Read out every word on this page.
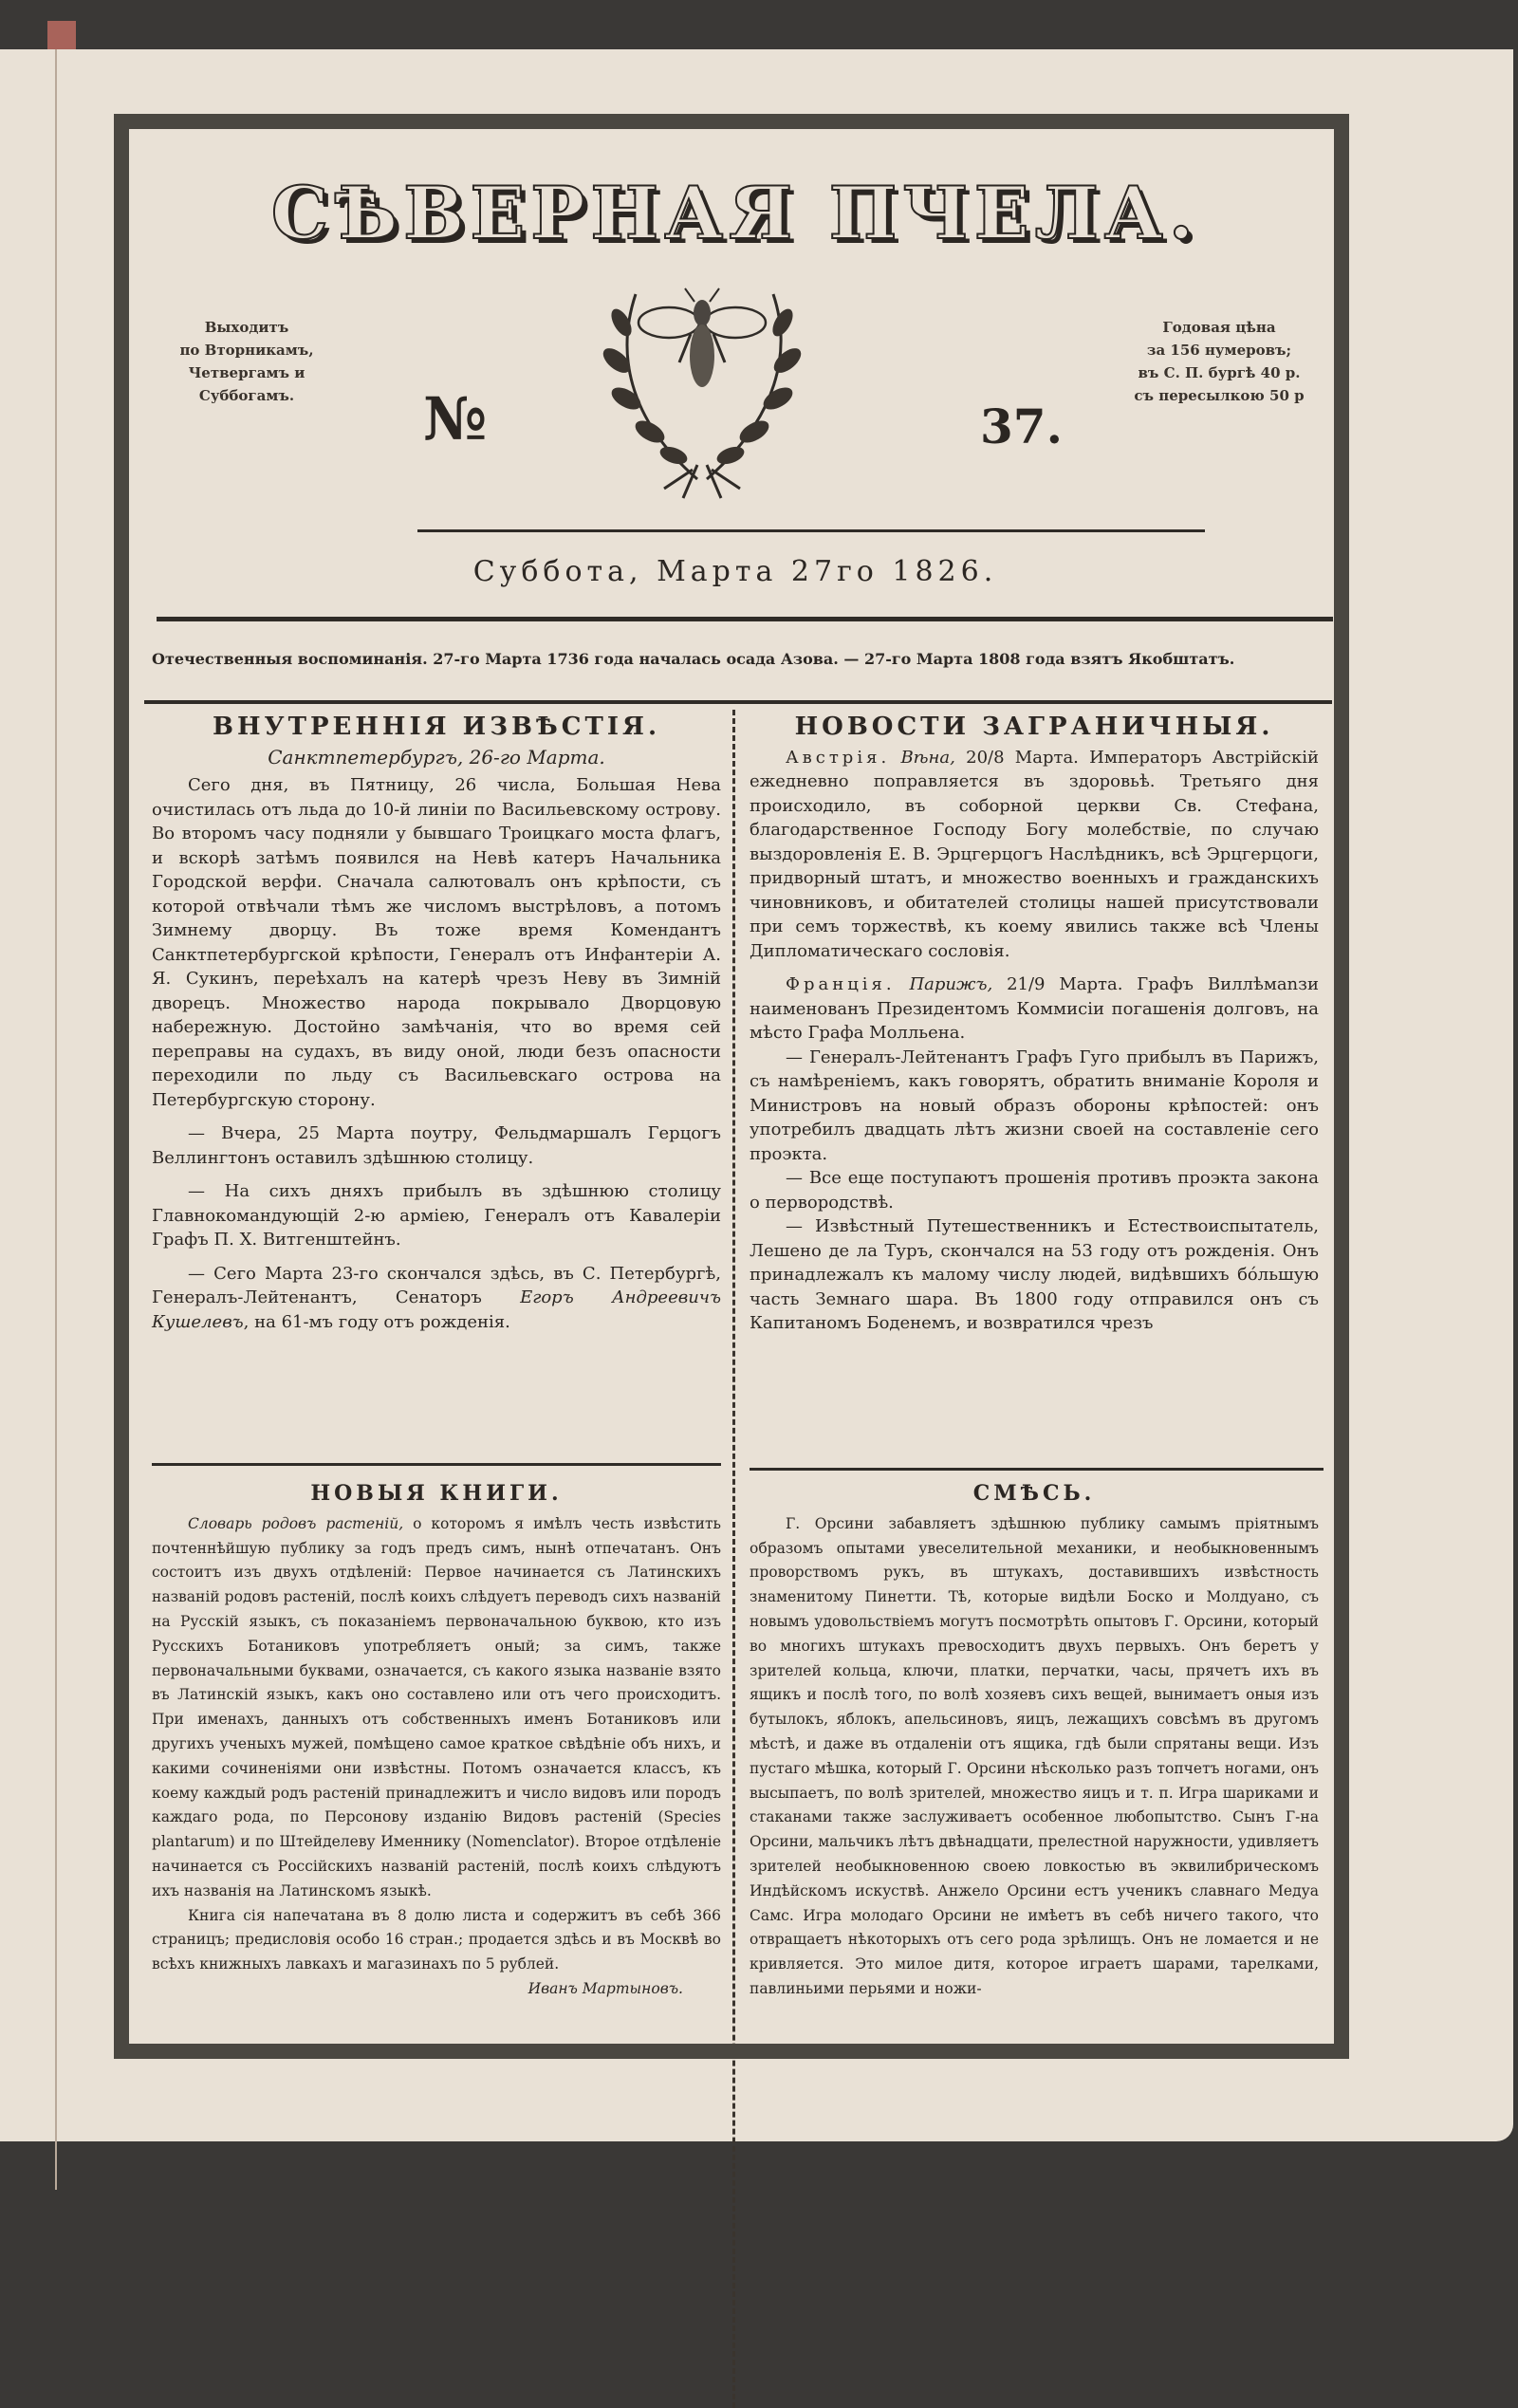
СѢВЕРНАЯ ПЧЕЛА.
Выходитъ
по Вторникамъ,
Четвергамъ и
Суббогамъ.
Годовая цѣна
за 156 нумеровъ;
въ С. П. бургѣ 40 р.
съ пересылкою 50 р
№	37.
Суббота, Марта 27го 1826.
Отечественныя воспоминанія. 27-го Марта 1736 года началась осада Азова. — 27-го Марта 1808 года взятъ Якобштатъ.
ВНУТРЕННІЯ ИЗВѢСТІЯ.
Санктпетербургъ, 26-го Марта.

Сего дня, въ Пятницу, 26 числа, Большая Нева очистилась отъ льда до 10-й линіи по Васильевскому острову. Во второмъ часу подняли у бывшаго Троицкаго моста флагъ, и вскорѣ затѣмъ появился на Невѣ катеръ Начальника Городской верфи. Сначала салютовалъ онъ крѣпости, съ которой отвѣчали тѣмъ же числомъ выстрѣловъ, а потомъ Зимнему дворцу. Въ тоже время Комендантъ Санктпетербургской крѣпости, Генералъ отъ Инфантеріи А. Я. Сукинъ, переѣхалъ на катерѣ чрезъ Неву въ Зимній дворецъ. Множество народа покрывало Дворцовую набережную. Достойно замѣчанія, что во время сей переправы на судахъ, въ виду оной, люди безъ опасности переходили по льду съ Васильевскаго острова на Петербургскую сторону.

— Вчера, 25 Марта поутру, Фельдмаршалъ Герцогъ Веллингтонъ оставилъ здѣшнюю столицу.

— На сихъ дняхъ прибылъ въ здѣшнюю столицу Главнокомандующій 2-ю арміею, Генералъ отъ Кавалеріи Графъ П. Х. Витгенштейнъ.

— Сего Марта 23-го скончался здѣсь, въ С. Петербургѣ, Генералъ-Лейтенантъ, Сенаторъ Егоръ Андреевичъ Кушелевъ, на 61-мъ году отъ рожденія.

НОВОСТИ ЗАГРАНИЧНЫЯ.

Австрія. Вѣна, 20/8 Марта. Императоръ Австрійскій ежедневно поправляется въ здоровьѣ. Третьяго дня происходило, въ соборной церкви Св. Стефана, благодарственное Господу Богу молебствіе, по случаю выздоровленія Е. В. Эрцгерцогъ Наслѣдникъ, всѣ Эрцгерцоги, придворный штатъ, и множество военныхъ и гражданскихъ чиновниковъ, и обитателей столицы нашей присутствовали при семъ торжествѣ, къ коему явились также всѣ Члены Дипломатическаго сословія.

Франція. Парижъ, 21/9 Марта. Графъ Виллѣмanзи наименованъ Президентомъ Коммисіи погашенія долговъ, на мѣсто Графа Молльена.

— Генералъ-Лейтенантъ Графъ Гуго прибылъ въ Парижъ, съ намѣреніемъ, какъ говорятъ, обратить вниманіе Короля и Министровъ на новый образъ обороны крѣпостей: онъ употребилъ двадцать лѣтъ жизни своей на составленіе сего проэкта.

— Все еще поступаютъ прошенія противъ проэкта закона о первородствѣ.

— Извѣстный Путешественникъ и Естествоиспытатель, Лешено де ла Туръ, скончался на 53 году отъ рожденія. Онъ принадлежалъ къ малому числу людей, видѣвшихъ бо́льшую часть Земнаго шара. Въ 1800 году отправился онъ съ Капитаномъ Боденемъ, и возвратился чрезъ

НОВЫЯ КНИГИ.

Словарь родовъ растеній, о которомъ я имѣлъ честь извѣстить почтеннѣйшую публику за годъ предъ симъ, нынѣ отпечатанъ. Онъ состоитъ изъ двухъ отдѣленій: Первое начинается съ Латинскихъ названій родовъ растеній, послѣ коихъ слѣдуетъ переводъ сихъ названій на Русскій языкъ, съ показаніемъ первоначальною буквою, кто изъ Русскихъ Ботаниковъ употребляетъ оный; за симъ, также первоначальными буквами, означается, съ какого языка названіе взято въ Латинскій языкъ, какъ оно составлено или отъ чего происходитъ. При именахъ, данныхъ отъ собственныхъ именъ Ботаниковъ или другихъ ученыхъ мужей, помѣщено самое краткое свѣдѣніе объ нихъ, и какими сочиненіями они извѣстны. Потомъ означается классъ, къ коему каждый родъ растеній принадлежитъ и число видовъ или породъ каждаго рода, по Персонову изданію Видовъ растеній (Species plantarum) и по Штейделеву Именнику (Nomenclator). Второе отдѣленіе начинается съ Россійскихъ названій растеній, послѣ коихъ слѣдуютъ ихъ названія на Латинскомъ языкѣ.

Книга сія напечатана въ 8 долю листа и содержитъ въ себѣ 366 страницъ; предисловія особо 16 стран.; продается здѣсь и въ Москвѣ во всѣхъ книжныхъ лавкахъ и магазинахъ по 5 рублей.

Иванъ Мартыновъ.
СМѢСЬ.

Г. Орсини забавляетъ здѣшнюю публику самымъ пріятнымъ образомъ опытами увеселительной механики, и необыкновеннымъ проворствомъ рукъ, въ штукахъ, доставившихъ извѣстность знаменитому Пинетти. Тѣ, которые видѣли Боско и Молдуано, съ новымъ удовольствіемъ могутъ посмотрѣть опытовъ Г. Орсини, который во многихъ штукахъ превосходитъ двухъ первыхъ. Онъ беретъ у зрителей кольца, ключи, платки, перчатки, часы, прячетъ ихъ въ ящикъ и послѣ того, по волѣ хозяевъ сихъ вещей, вынимаетъ оныя изъ бутылокъ, яблокъ, апельсиновъ, яицъ, лежащихъ совсѣмъ въ другомъ мѣстѣ, и даже въ отдаленіи отъ ящика, гдѣ были спрятаны вещи. Изъ пустаго мѣшка, который Г. Орсини нѣсколько разъ топчетъ ногами, онъ высыпаетъ, по волѣ зрителей, множество яицъ и т. п. Игра шариками и стаканами также заслуживаетъ особенное любопытство. Сынъ Г-на Орсини, мальчикъ лѣтъ двѣнадцати, прелестной наружности, удивляетъ зрителей необыкновенною своею ловкостью въ эквилибрическомъ Индѣйскомъ искуствѣ. Анжело Орсини естъ ученикъ славнаго Медуа Самс. Игра молодаго Орсини не имѣетъ въ себѣ ничего такого, что отвращаетъ нѣкоторыхъ отъ сего рода зрѣлищъ. Онъ не ломается и не кривляется. Это милое дитя, которое играетъ шарами, тарелками, павлиньими перьями и ножи-
